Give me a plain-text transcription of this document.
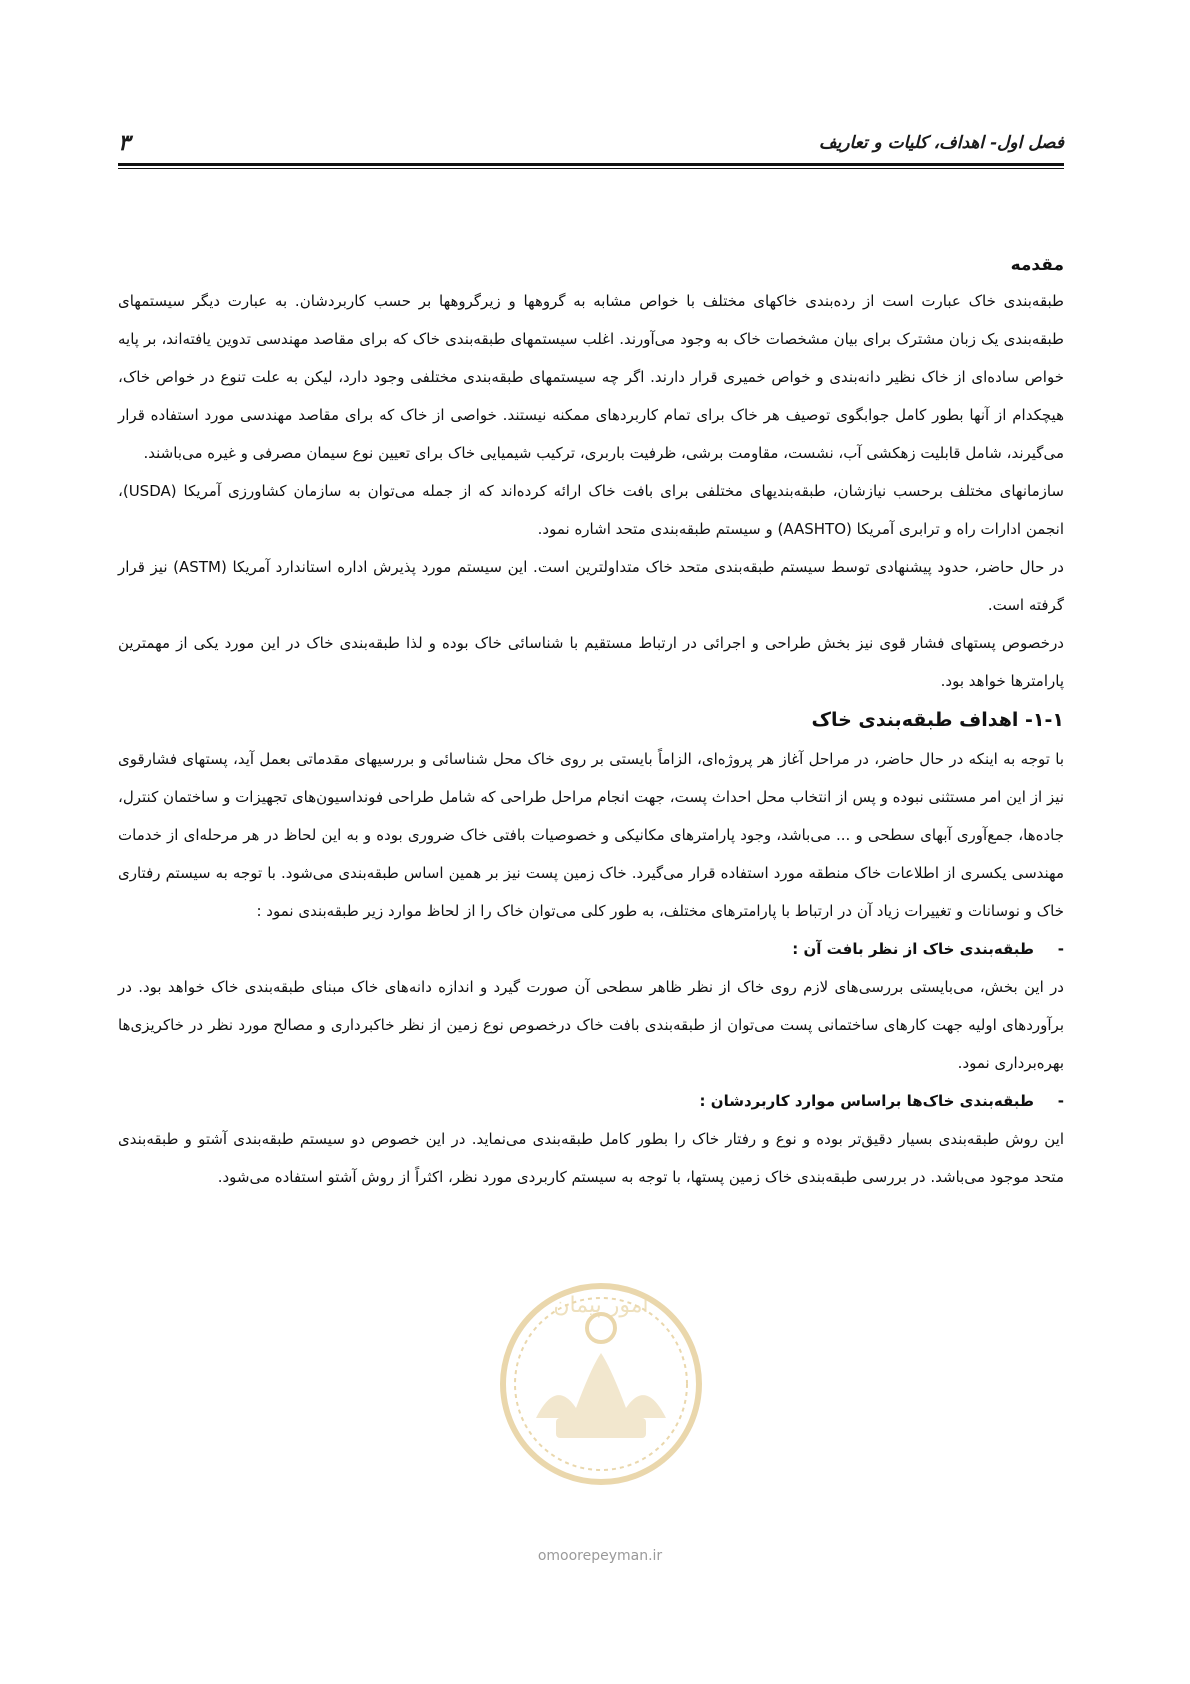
۳	فصل اول- اهداف، کلیات و تعاریف

مقدمه

طبقه‌بندی خاک عبارت است از رده‌بندی خاکهای مختلف با خواص مشابه به گروهها و زیرگروهها بر حسب کاربردشان. به عبارت دیگر سیستمهای طبقه‌بندی یک زبان مشترک برای بیان مشخصات خاک به وجود می‌آورند. اغلب سیستمهای طبقه‌بندی خاک که برای مقاصد مهندسی تدوین یافته‌اند، بر پایه خواص ساده‌ای از خاک نظیر دانه‌بندی و خواص خمیری قرار دارند. اگر چه سیستمهای طبقه‌بندی مختلفی وجود دارد، لیکن به علت تنوع در خواص خاک، هیچکدام از آنها بطور کامل جوابگوی توصیف هر خاک برای تمام کاربردهای ممکنه نیستند. خواصی از خاک که برای مقاصد مهندسی مورد استفاده قرار می‌گیرند، شامل قابلیت زهکشی آب، نشست، مقاومت برشی، ظرفیت باربری، ترکیب شیمیایی خاک برای تعیین نوع سیمان مصرفی و غیره می‌باشند.

سازمانهای مختلف برحسب نیازشان، طبقه‌بندیهای مختلفی برای بافت خاک ارائه کرده‌اند که از جمله می‌توان به سازمان کشاورزی آمریکا (USDA)، انجمن ادارات راه و ترابری آمریکا (AASHTO) و سیستم طبقه‌بندی متحد اشاره نمود.

در حال حاضر، حدود پیشنهادی توسط سیستم طبقه‌بندی متحد خاک متداولترین است. این سیستم مورد پذیرش اداره استاندارد آمریکا (ASTM) نیز قرار گرفته است.

درخصوص پستهای فشار قوی نیز بخش طراحی و اجرائی در ارتباط مستقیم با شناسائی خاک بوده و لذا طبقه‌بندی خاک در این مورد یکی از مهمترین پارامترها خواهد بود.

۱-۱- اهداف طبقه‌بندی خاک

با توجه به اینکه در حال حاضر، در مراحل آغاز هر پروژه‌ای، الزاماً بایستی بر روی خاک محل شناسائی و بررسیهای مقدماتی بعمل آید، پستهای فشارقوی نیز از این امر مستثنی نبوده و پس از انتخاب محل احداث پست، جهت انجام مراحل طراحی که شامل طراحی فونداسیون‌های تجهیزات و ساختمان کنترل، جاده‌ها، جمع‌آوری آبهای سطحی و ... می‌باشد، وجود پارامترهای مکانیکی و خصوصیات بافتی خاک ضروری بوده و به این لحاظ در هر مرحله‌ای از خدمات مهندسی یکسری از اطلاعات خاک منطقه مورد استفاده قرار می‌گیرد. خاک زمین پست نیز بر همین اساس طبقه‌بندی می‌شود. با توجه به سیستم رفتاری خاک و نوسانات و تغییرات زیاد آن در ارتباط با پارامترهای مختلف، به طور کلی می‌توان خاک را از لحاظ موارد زیر طبقه‌بندی نمود :

-
طبقه‌بندی خاک از نظر بافت آن :

در این بخش، می‌بایستی بررسی‌های لازم روی خاک از نظر ظاهر سطحی آن صورت گیرد و اندازه دانه‌های خاک مبنای طبقه‌بندی خاک خواهد بود. در برآوردهای اولیه جهت کارهای ساختمانی پست می‌توان از طبقه‌بندی بافت خاک درخصوص نوع زمین از نظر خاکبرداری و مصالح مورد نظر در خاکریزی‌ها بهره‌برداری نمود.

-
طبقه‌بندی خاک‌ها براساس موارد کاربردشان :

این روش طبقه‌بندی بسیار دقیق‌تر بوده و نوع و رفتار خاک را بطور کامل طبقه‌بندی می‌نماید. در این خصوص دو سیستم طبقه‌بندی آشتو و طبقه‌بندی متحد موجود می‌باشد. در بررسی طبقه‌بندی خاک زمین پستها، با توجه به سیستم کاربردی مورد نظر، اکثراً از روش آشتو استفاده می‌شود.

امور پیمان
omoorepeyman.ir
